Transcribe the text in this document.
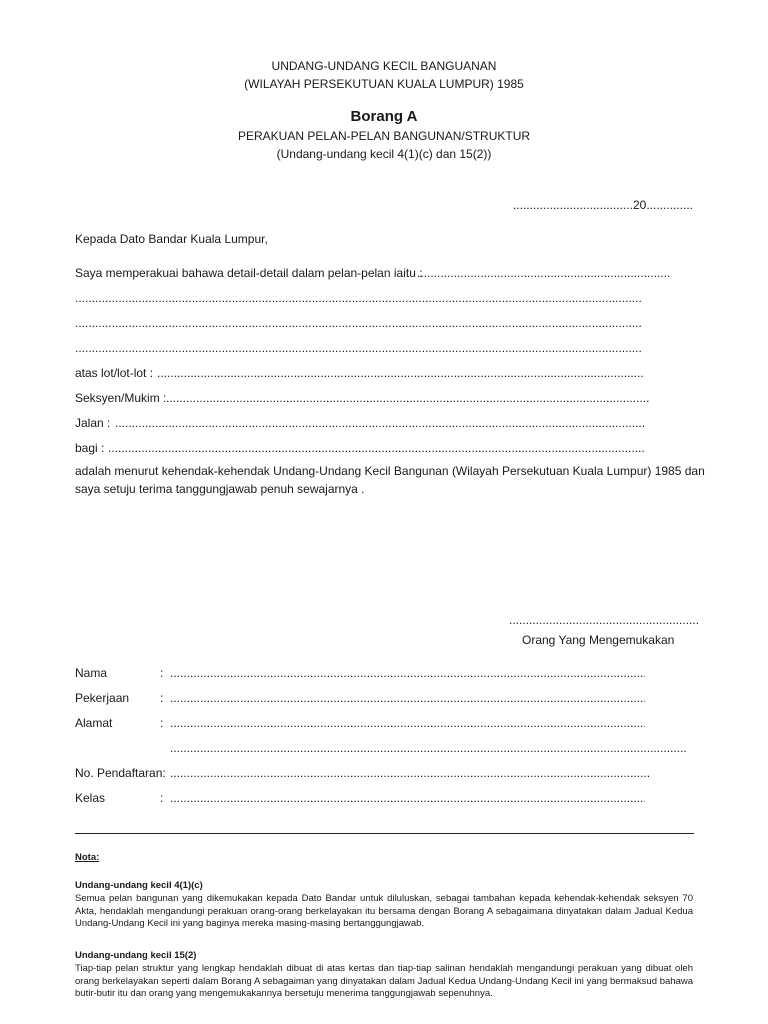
UNDANG-UNDANG KECIL BANGUANAN
(WILAYAH PERSEKUTUAN KUALA LUMPUR) 1985
Borang A
PERAKUAN PELAN-PELAN BANGUNAN/STRUKTUR
(Undang-undang kecil 4(1)(c) dan 15(2))
....................................20..............
Kepada Dato Bandar Kuala Lumpur,
Saya memperakuai bahawa detail-detail dalam pelan-pelan iaitu :
.....
.....
.....
.....
atas lot/lot-lot :
.....
Seksyen/Mukim :
.....
Jalan :
.....
bagi :
.....
adalah menurut kehendak-kehendak Undang-Undang Kecil Bangunan (Wilayah Persekutuan Kuala Lumpur) 1985 dan
saya setuju terima tanggungjawab penuh sewajarnya .
.........................................................
Orang Yang Mengemukakan
Nama	:
.....
Pekerjaan	:
.....
Alamat	:
.....
.....
No. Pendaftaran:
.....
Kelas	:
.....
Nota:
Undang-undang kecil 4(1)(c)
Semua pelan bangunan yang dikemukakan kepada Dato Bandar untuk diluluskan, sebagai tambahan kepada kehendak-kehendak seksyen 70 Akta, hendaklah mengandungi perakuan orang-orang berkelayakan itu bersama dengan Borang A sebagaimana dinyatakan dalam Jadual Kedua Undang-Undang Kecil ini yang baginya mereka masing-masing bertanggungjawab.
Undang-undang kecil 15(2)
Tiap-tiap pelan struktur yang lengkap hendaklah dibuat di atas kertas dan tiap-tiap salinan hendaklah mengandungi perakuan yang dibuat oleh orang berkelayakan seperti dalam Borang A sebagaiman yang dinyatakan dalam Jadual Kedua Undang-Undang Kecil ini yang bermaksud bahawa butir-butir itu dan orang yang mengemukakannya bersetuju menerima tanggungjawab sepenuhnya.
